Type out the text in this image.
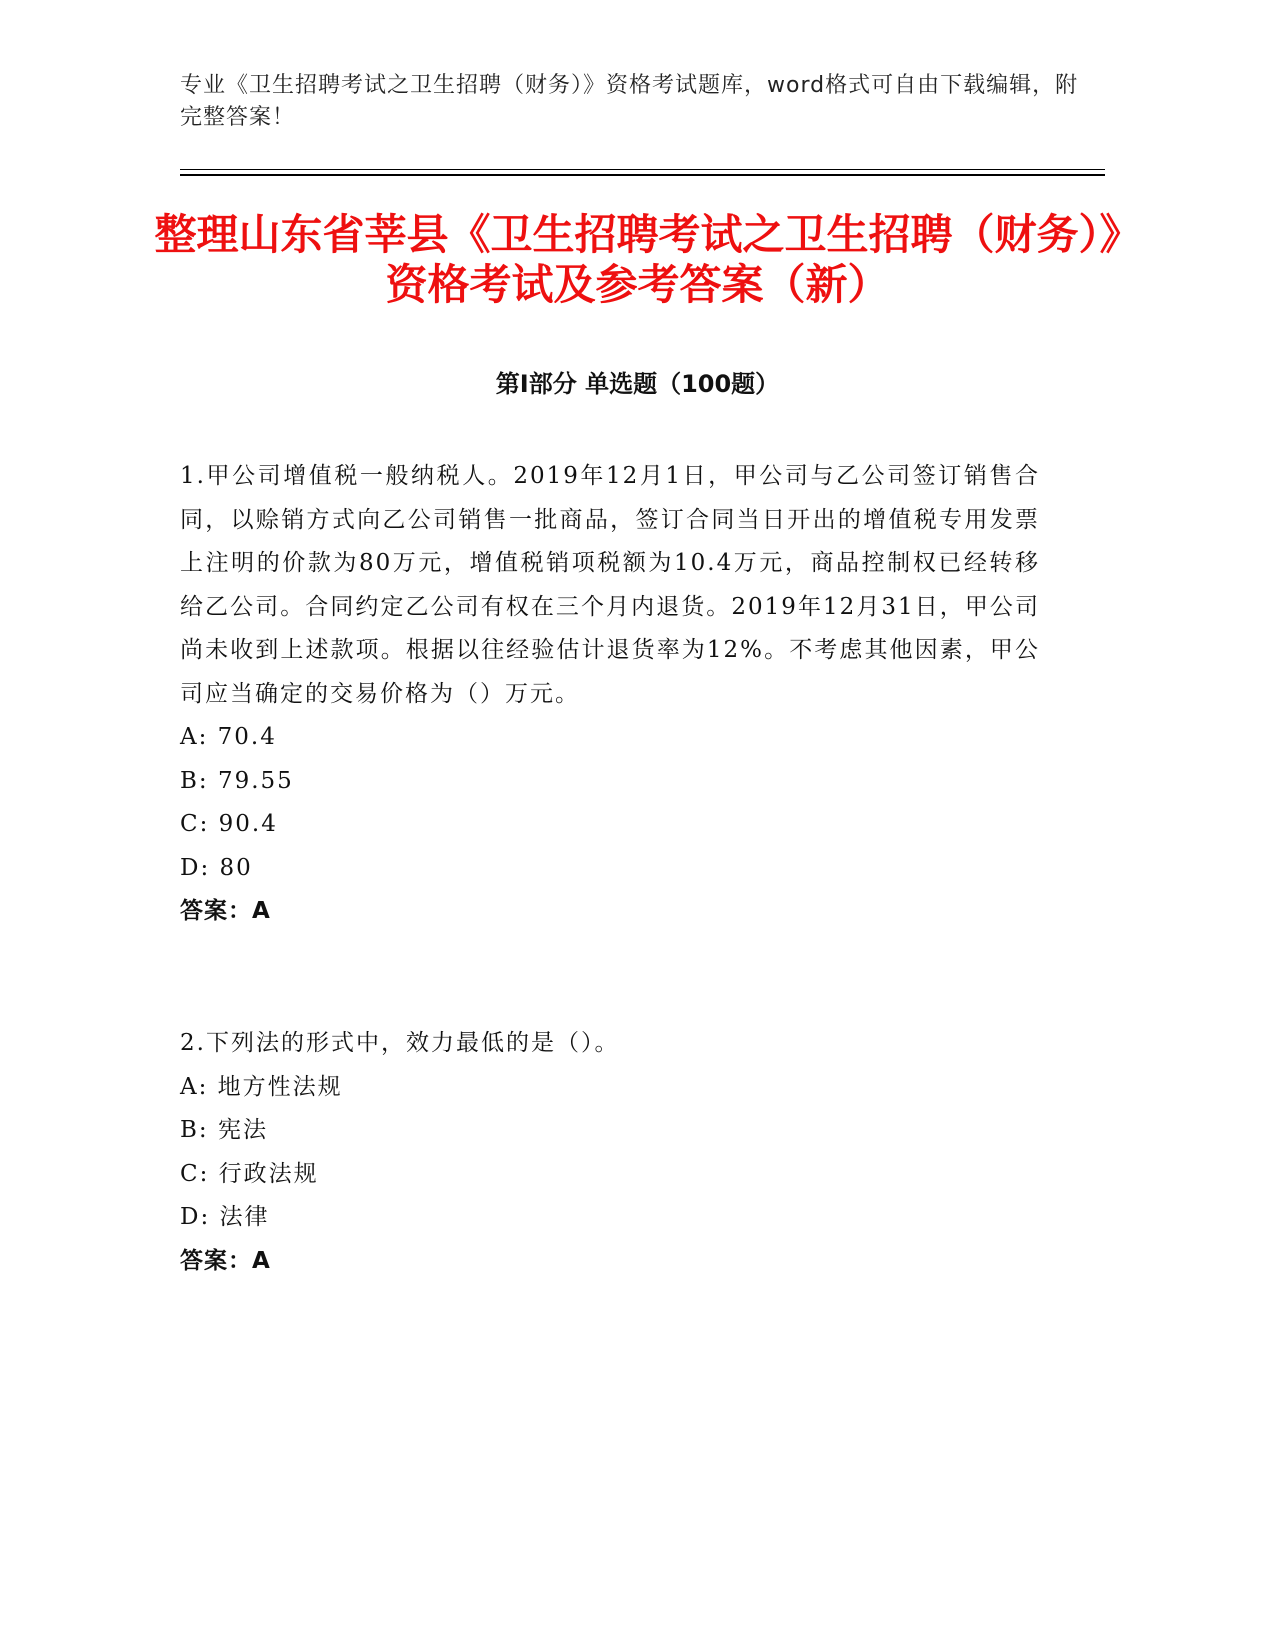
专业《卫生招聘考试之卫生招聘（财务）》资格考试题库，word格式可自由下载编辑，附完整答案！
整理山东省莘县《卫生招聘考试之卫生招聘（财务）》资格考试及参考答案（新）
第I部分 单选题（100题）
1.甲公司增值税一般纳税人。2019年12月1日，甲公司与乙公司签订销售合同，以赊销方式向乙公司销售一批商品，签订合同当日开出的增值税专用发票上注明的价款为80万元，增值税销项税额为10.4万元，商品控制权已经转移给乙公司。合同约定乙公司有权在三个月内退货。2019年12月31日，甲公司尚未收到上述款项。根据以往经验估计退货率为12%。不考虑其他因素，甲公司应当确定的交易价格为（）万元。
A: 70.4
B: 79.55
C: 90.4
D: 80
答案：A
2.下列法的形式中，效力最低的是（）。
A: 地方性法规
B: 宪法
C: 行政法规
D: 法律
答案：A
